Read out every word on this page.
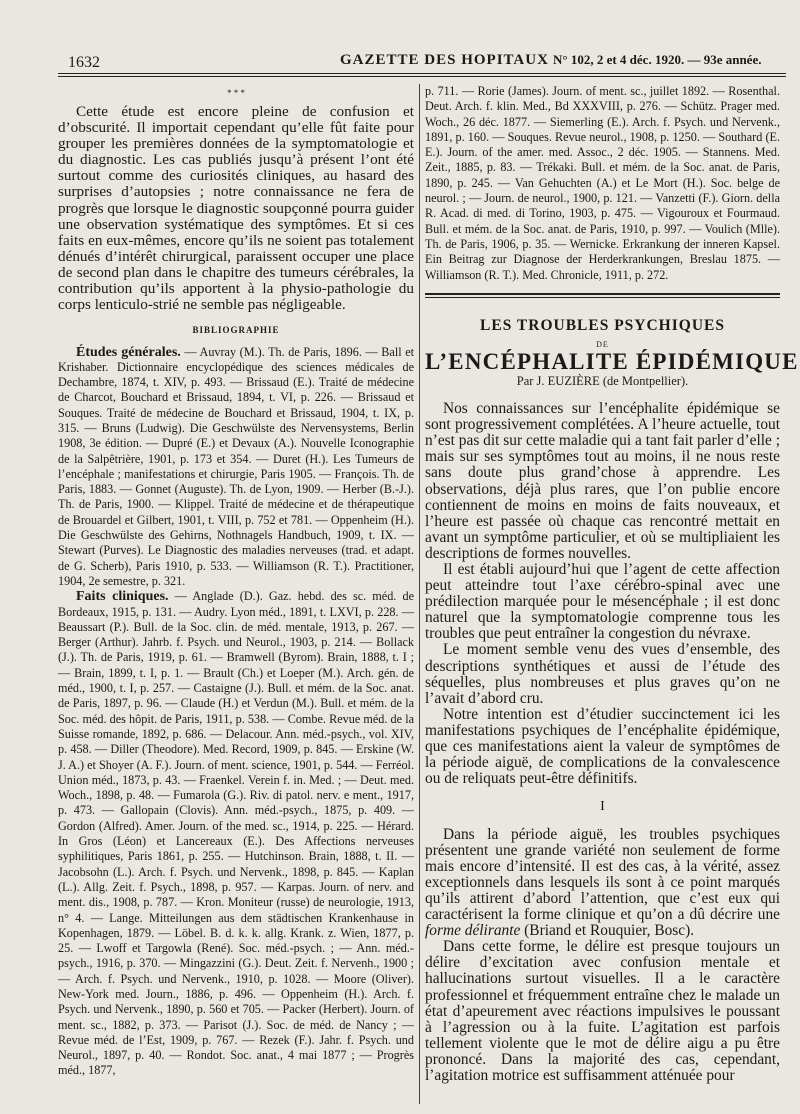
1632	GAZETTE DES HOPITAUX N° 102, 2 et 4 déc. 1920. — 93e année.
* * *

Cette étude est encore pleine de confusion et d’obscurité. Il importait cependant qu’elle fût faite pour grouper les premières données de la symptomatologie et du diagnostic. Les cas publiés jusqu’à présent l’ont été surtout comme des curiosités cliniques, au hasard des surprises d’autopsies ; notre connaissance ne fera de progrès que lorsque le diagnostic soupçonné pourra guider une observation systématique des symptômes. Et si ces faits en eux-mêmes, encore qu’ils ne soient pas totalement dénués d’intérêt chirurgical, paraissent occuper une place de second plan dans le chapitre des tumeurs cérébrales, la contribution qu’ils apportent à la physio-pathologie du corps lenticulo-strié ne semble pas négligeable.

BIBLIOGRAPHIE

Études générales. — Auvray (M.). Th. de Paris, 1896. — Ball et Krishaber. Dictionnaire encyclopédique des sciences médicales de Dechambre, 1874, t. XIV, p. 493. — Brissaud (E.). Traité de médecine de Charcot, Bouchard et Brissaud, 1894, t. VI, p. 226. — Brissaud et Souques. Traité de médecine de Bouchard et Brissaud, 1904, t. IX, p. 315. — Bruns (Ludwig). Die Geschwülste des Nervensystems, Berlin 1908, 3e édition. — Dupré (E.) et Devaux (A.). Nouvelle Iconographie de la Salpêtrière, 1901, p. 173 et 354. — Duret (H.). Les Tumeurs de l’encéphale ; manifestations et chirurgie, Paris 1905. — François. Th. de Paris, 1883. — Gonnet (Auguste). Th. de Lyon, 1909. — Herber (B.-J.). Th. de Paris, 1900. — Klippel. Traité de médecine et de thérapeutique de Brouardel et Gilbert, 1901, t. VIII, p. 752 et 781. — Oppenheim (H.). Die Geschwülste des Gehirns, Nothnagels Handbuch, 1909, t. IX. — Stewart (Purves). Le Diagnostic des maladies nerveuses (trad. et adapt. de G. Scherb), Paris 1910, p. 533. — Williamson (R. T.). Practitioner, 1904, 2e semestre, p. 321.

Faits cliniques. — Anglade (D.). Gaz. hebd. des sc. méd. de Bordeaux, 1915, p. 131. — Audry. Lyon méd., 1891, t. LXVI, p. 228. — Beaussart (P.). Bull. de la Soc. clin. de méd. mentale, 1913, p. 267. — Berger (Arthur). Jahrb. f. Psych. und Neurol., 1903, p. 214. — Bollack (J.). Th. de Paris, 1919, p. 61. — Bramwell (Byrom). Brain, 1888, t. I ; — Brain, 1899, t. I, p. 1. — Brault (Ch.) et Loeper (M.). Arch. gén. de méd., 1900, t. I, p. 257. — Castaigne (J.). Bull. et mém. de la Soc. anat. de Paris, 1897, p. 96. — Claude (H.) et Verdun (M.). Bull. et mém. de la Soc. méd. des hôpit. de Paris, 1911, p. 538. — Combe. Revue méd. de la Suisse romande, 1892, p. 686. — Delacour. Ann. méd.-psych., vol. XIV, p. 458. — Diller (Theodore). Med. Record, 1909, p. 845. — Erskine (W. J. A.) et Shoyer (A. F.). Journ. of ment. science, 1901, p. 544. — Ferréol. Union méd., 1873, p. 43. — Fraenkel. Verein f. in. Med. ; — Deut. med. Woch., 1898, p. 48. — Fumarola (G.). Riv. di patol. nerv. e ment., 1917, p. 473. — Gallopain (Clovis). Ann. méd.-psych., 1875, p. 409. — Gordon (Alfred). Amer. Journ. of the med. sc., 1914, p. 225. — Hérard. In Gros (Léon) et Lancereaux (E.). Des Affections nerveuses syphilitiques, Paris 1861, p. 255. — Hutchinson. Brain, 1888, t. II. — Jacobsohn (L.). Arch. f. Psych. und Nervenk., 1898, p. 845. — Kaplan (L.). Allg. Zeit. f. Psych., 1898, p. 957. — Karpas. Journ. of nerv. and ment. dis., 1908, p. 787. — Kron. Moniteur (russe) de neurologie, 1913, n° 4. — Lange. Mitteilungen aus dem städtischen Krankenhause in Kopenhagen, 1879. — Löbel. B. d. k. k. allg. Krank. z. Wien, 1877, p. 25. — Lwoff et Targowla (René). Soc. méd.-psych. ; — Ann. méd.-psych., 1916, p. 370. — Mingazzini (G.). Deut. Zeit. f. Nervenh., 1900 ; — Arch. f. Psych. und Nervenk., 1910, p. 1028. — Moore (Oliver). New-York med. Journ., 1886, p. 496. — Oppenheim (H.). Arch. f. Psych. und Nervenk., 1890, p. 560 et 705. — Packer (Herbert). Journ. of ment. sc., 1882, p. 373. — Parisot (J.). Soc. de méd. de Nancy ; — Revue méd. de l’Est, 1909, p. 767. — Rezek (F.). Jahr. f. Psych. und Neurol., 1897, p. 40. — Rondot. Soc. anat., 4 mai 1877 ; — Progrès méd., 1877,

p. 711. — Rorie (James). Journ. of ment. sc., juillet 1892. — Rosenthal. Deut. Arch. f. klin. Med., Bd XXXVIII, p. 276. — Schütz. Prager med. Woch., 26 déc. 1877. — Siemerling (E.). Arch. f. Psych. und Nervenk., 1891, p. 160. — Souques. Revue neurol., 1908, p. 1250. — Southard (E. E.). Journ. of the amer. med. Assoc., 2 déc. 1905. — Stannens. Med. Zeit., 1885, p. 83. — Trékaki. Bull. et mém. de la Soc. anat. de Paris, 1890, p. 245. — Van Gehuchten (A.) et Le Mort (H.). Soc. belge de neurol. ; — Journ. de neurol., 1900, p. 121. — Vanzetti (F.). Giorn. della R. Acad. di med. di Torino, 1903, p. 475. — Vigouroux et Fourmaud. Bull. et mém. de la Soc. anat. de Paris, 1910, p. 997. — Voulich (Mlle). Th. de Paris, 1906, p. 35. — Wernicke. Erkrankung der inneren Kapsel. Ein Beitrag zur Diagnose der Herderkrankungen, Breslau 1875. — Williamson (R. T.). Med. Chronicle, 1911, p. 272.

LES TROUBLES PSYCHIQUES

DE

L’ENCÉPHALITE ÉPIDÉMIQUE

Par J. EUZIÈRE (de Montpellier).

Nos connaissances sur l’encéphalite épidémique se sont progressivement complétées. A l’heure actuelle, tout n’est pas dit sur cette maladie qui a tant fait parler d’elle ; mais sur ses symptômes tout au moins, il ne nous reste sans doute plus grand’chose à apprendre. Les observations, déjà plus rares, que l’on publie encore contiennent de moins en moins de faits nouveaux, et l’heure est passée où chaque cas rencontré mettait en avant un symptôme particulier, et où se multipliaient les descriptions de formes nouvelles.

Il est établi aujourd’hui que l’agent de cette affection peut atteindre tout l’axe cérébro-spinal avec une prédilection marquée pour le mésencéphale ; il est donc naturel que la symptomatologie comprenne tous les troubles que peut entraîner la congestion du névraxe.

Le moment semble venu des vues d’ensemble, des descriptions synthétiques et aussi de l’étude des séquelles, plus nombreuses et plus graves qu’on ne l’avait d’abord cru.

Notre intention est d’étudier succinctement ici les manifestations psychiques de l’encéphalite épidémique, que ces manifestations aient la valeur de symptômes de la période aiguë, de complications de la convalescence ou de reliquats peut-être définitifs.

I

Dans la période aiguë, les troubles psychiques présentent une grande variété non seulement de forme mais encore d’intensité. Il est des cas, à la vérité, assez exceptionnels dans lesquels ils sont à ce point marqués qu’ils attirent d’abord l’attention, que c’est eux qui caractérisent la forme clinique et qu’on a dû décrire une forme délirante (Briand et Rouquier, Bosc).

Dans cette forme, le délire est presque toujours un délire d’excitation avec confusion mentale et hallucinations surtout visuelles. Il a le caractère professionnel et fréquemment entraîne chez le malade un état d’apeurement avec réactions impulsives le poussant à l’agression ou à la fuite. L’agitation est parfois tellement violente que le mot de délire aigu a pu être prononcé. Dans la majorité des cas, cependant, l’agitation motrice est suffisamment atténuée pour
